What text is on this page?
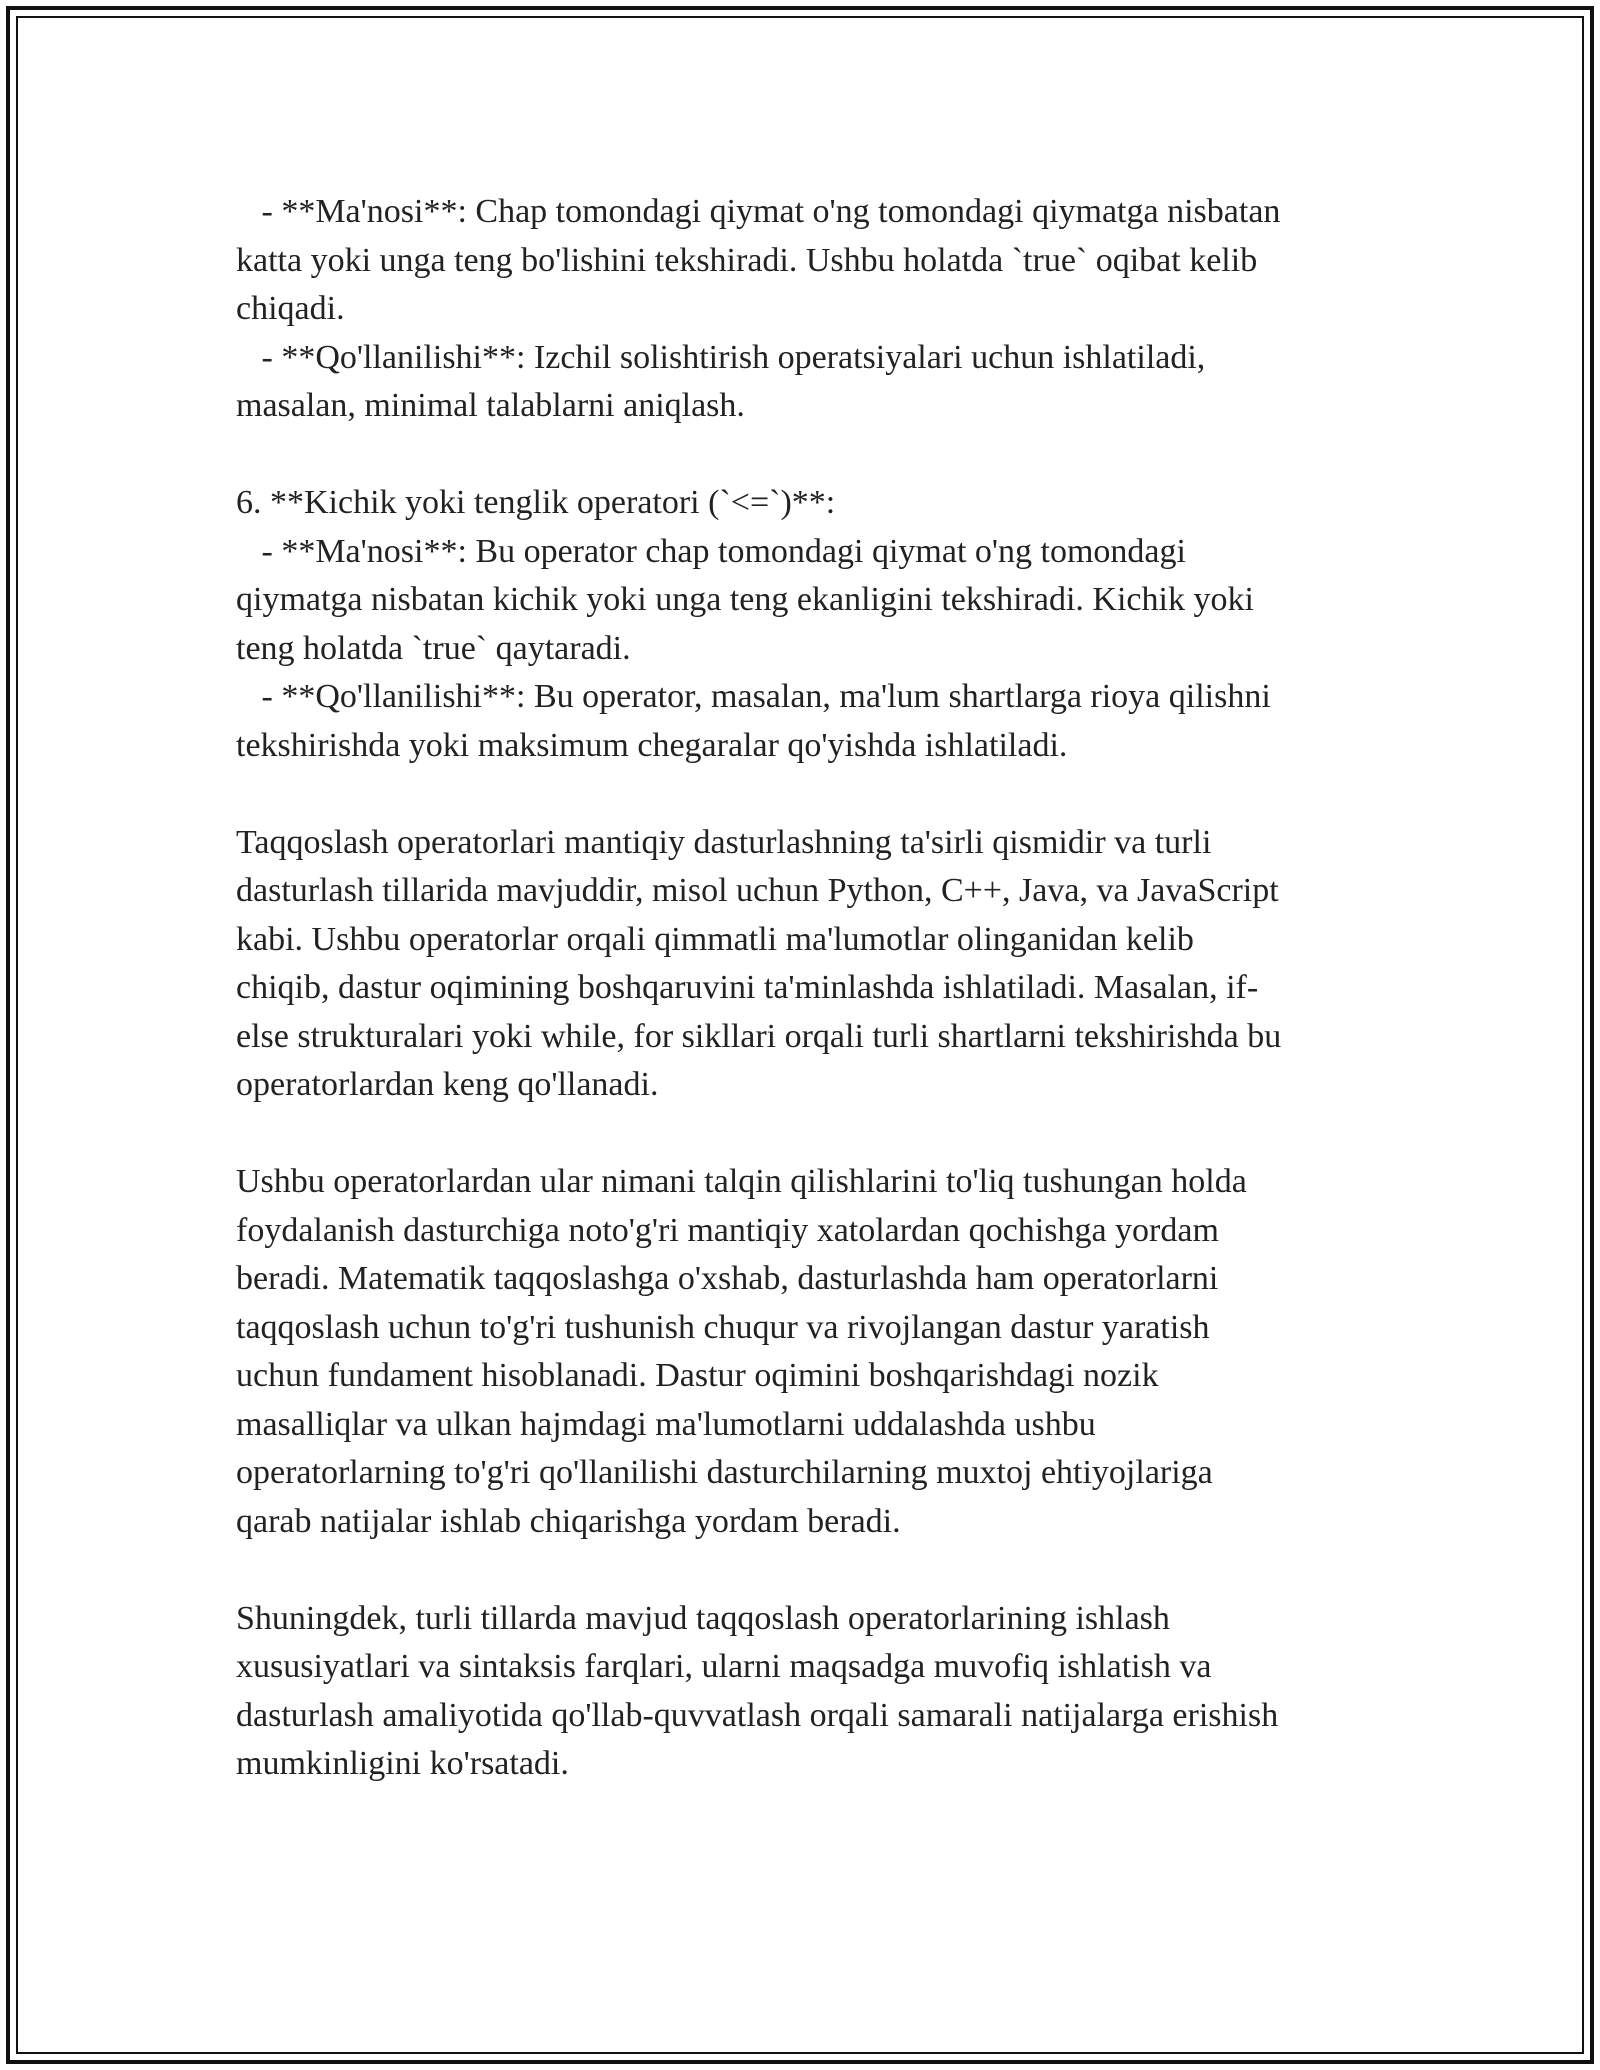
- **Ma'nosi**: Chap tomondagi qiymat o'ng tomondagi qiymatga nisbatan
katta yoki unga teng bo'lishini tekshiradi. Ushbu holatda `true` oqibat kelib
chiqadi.
- **Qo'llanilishi**: Izchil solishtirish operatsiyalari uchun ishlatiladi,
masalan, minimal talablarni aniqlash.
6. **Kichik yoki tenglik operatori (`<=`)**:
- **Ma'nosi**: Bu operator chap tomondagi qiymat o'ng tomondagi
qiymatga nisbatan kichik yoki unga teng ekanligini tekshiradi. Kichik yoki
teng holatda `true` qaytaradi.
- **Qo'llanilishi**: Bu operator, masalan, ma'lum shartlarga rioya qilishni
tekshirishda yoki maksimum chegaralar qo'yishda ishlatiladi.
Taqqoslash operatorlari mantiqiy dasturlashning ta'sirli qismidir va turli
dasturlash tillarida mavjuddir, misol uchun Python, C++, Java, va JavaScript
kabi. Ushbu operatorlar orqali qimmatli ma'lumotlar olinganidan kelib
chiqib, dastur oqimining boshqaruvini ta'minlashda ishlatiladi. Masalan, if-
else strukturalari yoki while, for sikllari orqali turli shartlarni tekshirishda bu
operatorlardan keng qo'llanadi.
Ushbu operatorlardan ular nimani talqin qilishlarini to'liq tushungan holda
foydalanish dasturchiga noto'g'ri mantiqiy xatolardan qochishga yordam
beradi. Matematik taqqoslashga o'xshab, dasturlashda ham operatorlarni
taqqoslash uchun to'g'ri tushunish chuqur va rivojlangan dastur yaratish
uchun fundament hisoblanadi. Dastur oqimini boshqarishdagi nozik
masalliqlar va ulkan hajmdagi ma'lumotlarni uddalashda ushbu
operatorlarning to'g'ri qo'llanilishi dasturchilarning muxtoj ehtiyojlariga
qarab natijalar ishlab chiqarishga yordam beradi.
Shuningdek, turli tillarda mavjud taqqoslash operatorlarining ishlash
xususiyatlari va sintaksis farqlari, ularni maqsadga muvofiq ishlatish va
dasturlash amaliyotida qo'llab-quvvatlash orqali samarali natijalarga erishish
mumkinligini ko'rsatadi.
